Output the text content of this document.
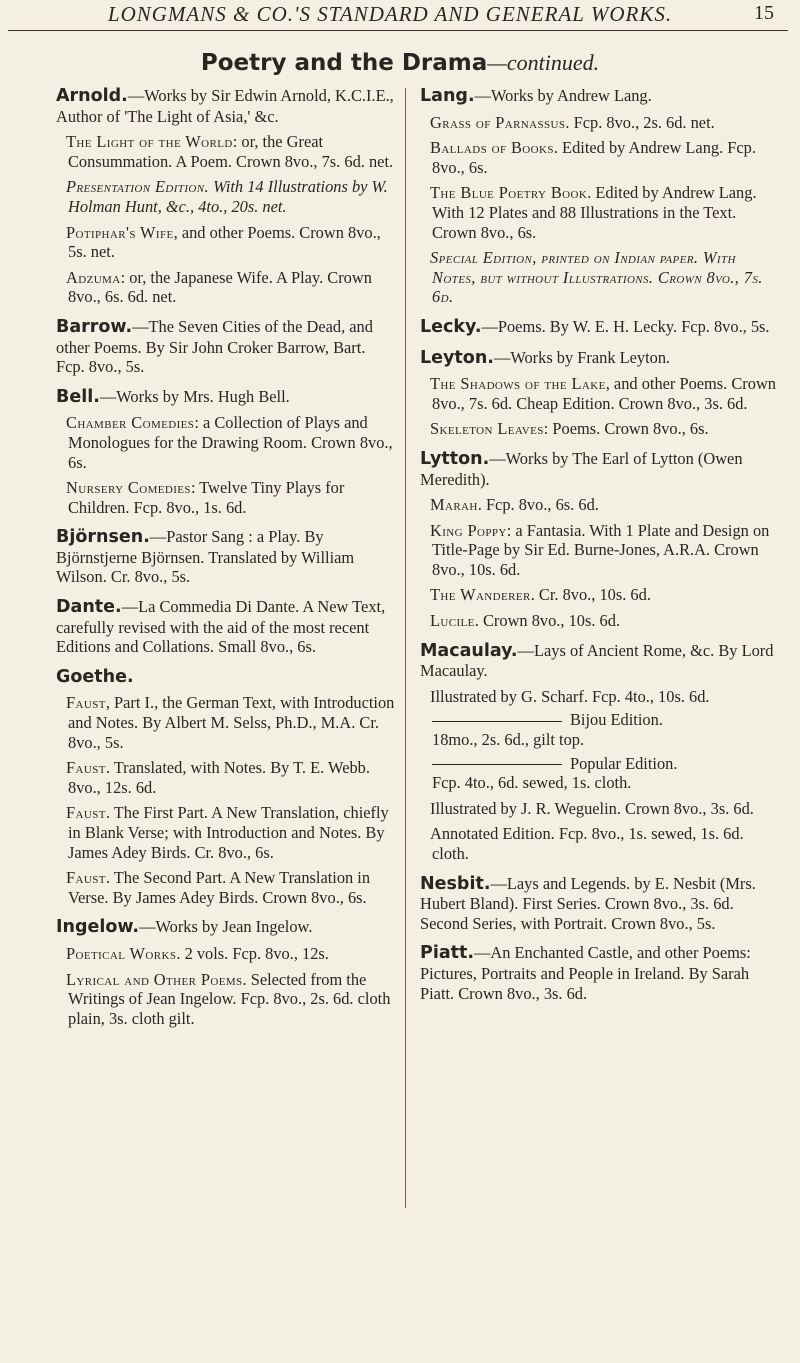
LONGMANS & CO.'S STANDARD AND GENERAL WORKS.	15
Poetry and the Drama—continued.
Arnold.—Works by Sir Edwin Arnold, K.C.I.E., Author of 'The Light of Asia,' &c.
The Light of the World: or, the Great Consummation. A Poem. Crown 8vo., 7s. 6d. net.
Presentation Edition. With 14 Illustrations by W. Holman Hunt, &c., 4to., 20s. net.
Potiphar's Wife, and other Poems. Crown 8vo., 5s. net.
Adzuma: or, the Japanese Wife. A Play. Crown 8vo., 6s. 6d. net.
Barrow.—The Seven Cities of the Dead, and other Poems. By Sir John Croker Barrow, Bart. Fcp. 8vo., 5s.
Bell.—Works by Mrs. Hugh Bell.
Chamber Comedies: a Collection of Plays and Monologues for the Drawing Room. Crown 8vo., 6s.
Nursery Comedies: Twelve Tiny Plays for Children. Fcp. 8vo., 1s. 6d.
Björnsen.—Pastor Sang : a Play. By Björnstjerne Björnsen. Translated by William Wilson. Cr. 8vo., 5s.
Dante.—La Commedia Di Dante. A New Text, carefully revised with the aid of the most recent Editions and Collations. Small 8vo., 6s.
Goethe.
Faust, Part I., the German Text, with Introduction and Notes. By Albert M. Selss, Ph.D., M.A. Cr. 8vo., 5s.
Faust. Translated, with Notes. By T. E. Webb. 8vo., 12s. 6d.
Faust. The First Part. A New Translation, chiefly in Blank Verse; with Introduction and Notes. By James Adey Birds. Cr. 8vo., 6s.
Faust. The Second Part. A New Translation in Verse. By James Adey Birds. Crown 8vo., 6s.
Ingelow.—Works by Jean Ingelow.
Poetical Works. 2 vols. Fcp. 8vo., 12s.
Lyrical and Other Poems. Selected from the Writings of Jean Ingelow. Fcp. 8vo., 2s. 6d. cloth plain, 3s. cloth gilt.
Lang.—Works by Andrew Lang.
Grass of Parnassus. Fcp. 8vo., 2s. 6d. net.
Ballads of Books. Edited by Andrew Lang. Fcp. 8vo., 6s.
The Blue Poetry Book. Edited by Andrew Lang. With 12 Plates and 88 Illustrations in the Text. Crown 8vo., 6s.
Special Edition, printed on Indian paper. With Notes, but without Illustrations. Crown 8vo., 7s. 6d.
Lecky.—Poems. By W. E. H. Lecky. Fcp. 8vo., 5s.
Leyton.—Works by Frank Leyton.
The Shadows of the Lake, and other Poems. Crown 8vo., 7s. 6d. Cheap Edition. Crown 8vo., 3s. 6d.
Skeleton Leaves: Poems. Crown 8vo., 6s.
Lytton.—Works by The Earl of Lytton (Owen Meredith).
Marah. Fcp. 8vo., 6s. 6d.
King Poppy: a Fantasia. With 1 Plate and Design on Title-Page by Sir Ed. Burne-Jones, A.R.A. Crown 8vo., 10s. 6d.
The Wanderer. Cr. 8vo., 10s. 6d.
Lucile. Crown 8vo., 10s. 6d.
Macaulay.—Lays of Ancient Rome, &c. By Lord Macaulay.
Illustrated by G. Scharf. Fcp. 4to., 10s. 6d.
Bijou Edition.
18mo., 2s. 6d., gilt top.
Popular Edition.
Fcp. 4to., 6d. sewed, 1s. cloth.
Illustrated by J. R. Weguelin. Crown 8vo., 3s. 6d.
Annotated Edition. Fcp. 8vo., 1s. sewed, 1s. 6d. cloth.
Nesbit.—Lays and Legends. by E. Nesbit (Mrs. Hubert Bland). First Series. Crown 8vo., 3s. 6d. Second Series, with Portrait. Crown 8vo., 5s.
Piatt.—An Enchanted Castle, and other Poems: Pictures, Portraits and People in Ireland. By Sarah Piatt. Crown 8vo., 3s. 6d.
